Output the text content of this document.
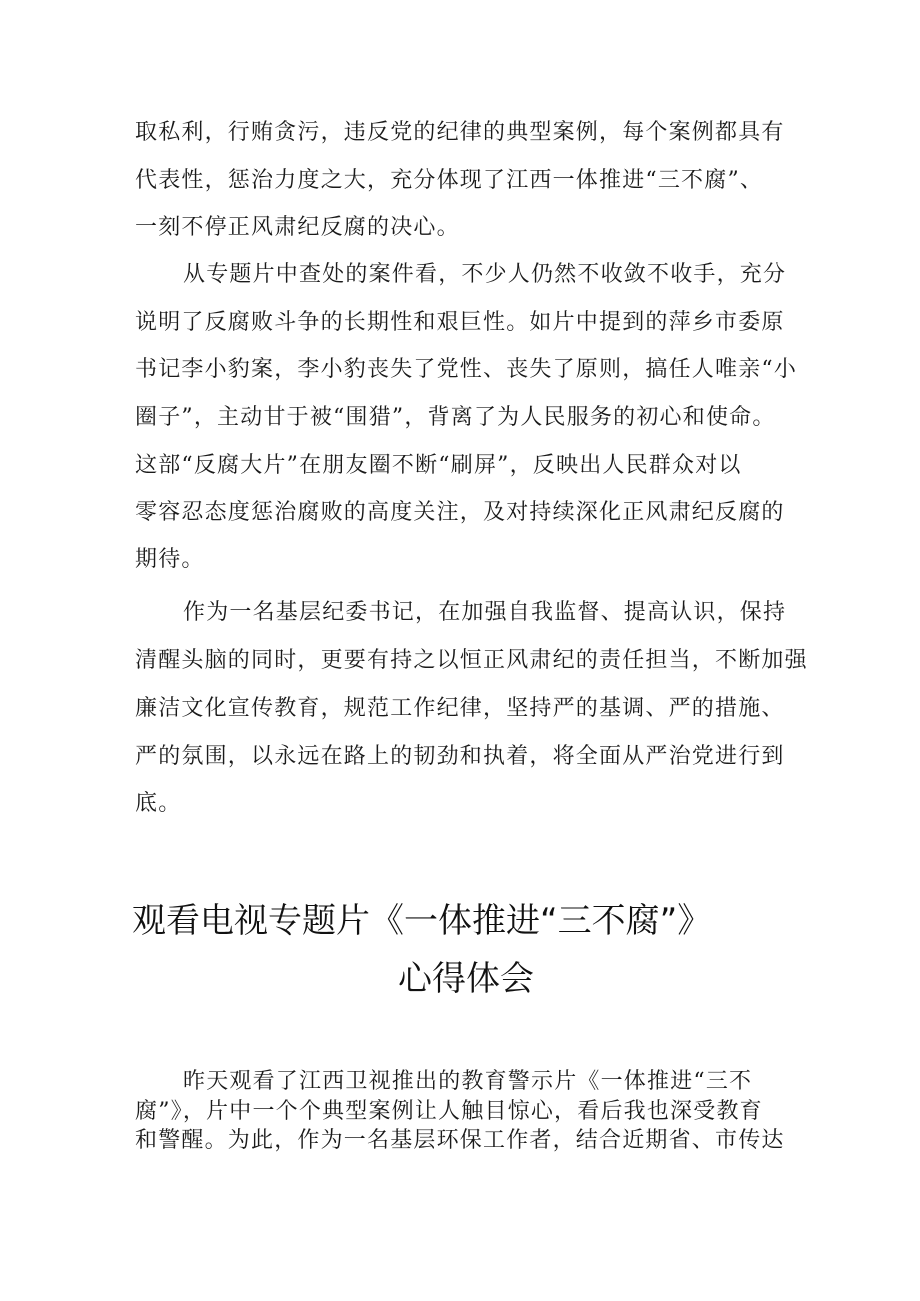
取私利，行贿贪污，违反党的纪律的典型案例，每个案例都具有
代表性，惩治力度之大，充分体现了江西一体推进“三不腐”、
一刻不停正风肃纪反腐的决心。
从专题片中查处的案件看，不少人仍然不收敛不收手，充分
说明了反腐败斗争的长期性和艰巨性。如片中提到的萍乡市委原
书记李小豹案，李小豹丧失了党性、丧失了原则，搞任人唯亲“小
圈子”，主动甘于被“围猎”，背离了为人民服务的初心和使命。
这部“反腐大片”在朋友圈不断“刷屏”，反映出人民群众对以
零容忍态度惩治腐败的高度关注，及对持续深化正风肃纪反腐的
期待。
作为一名基层纪委书记，在加强自我监督、提高认识，保持
清醒头脑的同时，更要有持之以恒正风肃纪的责任担当，不断加强
廉洁文化宣传教育，规范工作纪律，坚持严的基调、严的措施、
严的氛围，以永远在路上的韧劲和执着，将全面从严治党进行到
底。
观看电视专题片《一体推进“三不腐”》
心得体会
昨天观看了江西卫视推出的教育警示片《一体推进“三不
腐”》，片中一个个典型案例让人触目惊心，看后我也深受教育
和警醒。为此，作为一名基层环保工作者，结合近期省、市传达
